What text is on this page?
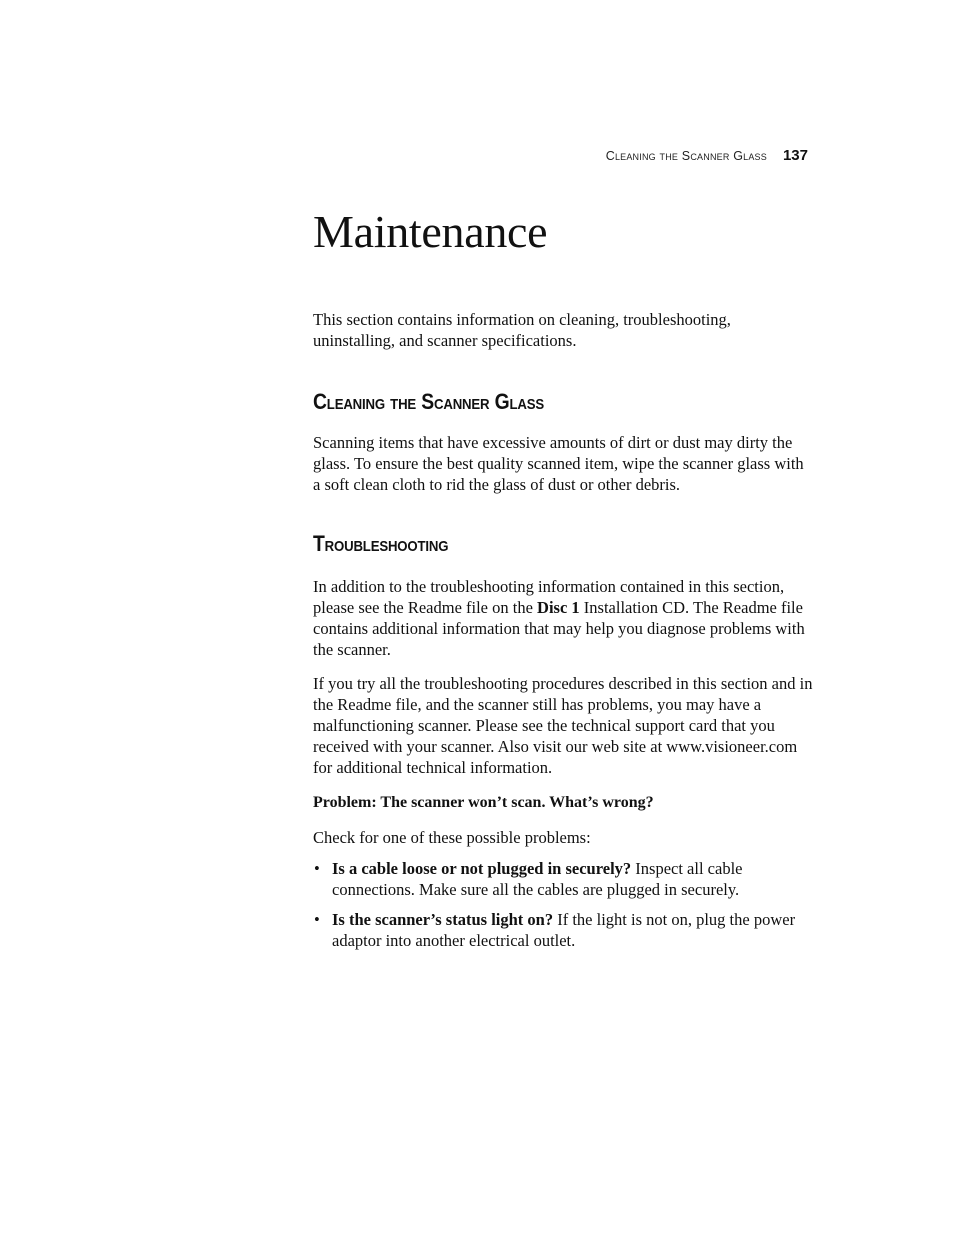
Cleaning the Scanner Glass 137
Maintenance

This section contains information on cleaning, troubleshooting, uninstalling, and scanner specifications.

Cleaning the Scanner Glass

Scanning items that have excessive amounts of dirt or dust may dirty the glass. To ensure the best quality scanned item, wipe the scanner glass with a soft clean cloth to rid the glass of dust or other debris.

Troubleshooting

In addition to the troubleshooting information contained in this section, please see the Readme file on the Disc 1 Installation CD. The Readme file contains additional information that may help you diagnose problems with the scanner.

If you try all the troubleshooting procedures described in this section and in the Readme file, and the scanner still has problems, you may have a malfunctioning scanner. Please see the technical support card that you received with your scanner. Also visit our web site at www.visioneer.com for additional technical information.

Problem: The scanner won’t scan. What’s wrong?

Check for one of these possible problems:

• Is a cable loose or not plugged in securely? Inspect all cable connections. Make sure all the cables are plugged in securely.
• Is the scanner’s status light on? If the light is not on, plug the power adaptor into another electrical outlet.
